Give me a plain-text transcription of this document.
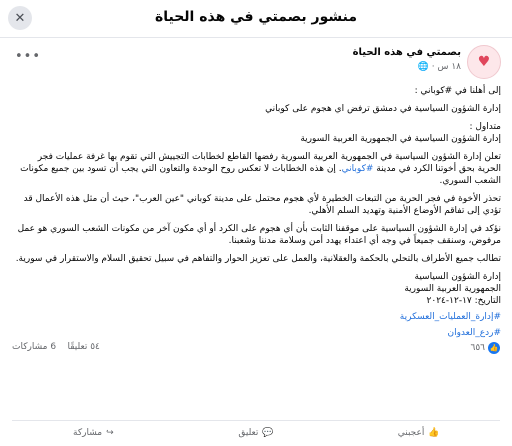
منشور بصمتي في هذه الحياة
✕
♥
بصمتي في هذه الحياة
١٨ س · 🌐
•••

إلى أهلنا في #كوباني :

إدارة الشؤون السياسية في دمشق ترفض اي هجوم على كوباني

متداول :

إدارة الشؤون السياسية في الجمهورية العربية السورية

تعلن إدارة الشؤون السياسية في الجمهورية العربية السورية رفضها القاطع لخطابات التجييش التي تقوم بها غرفة عمليات فجر الحرية بحق أخوتنا الكرد في مدينة #كوباني. إن هذه الخطابات لا تعكس روح الوحدة والتعاون التي يجب أن تسود بين جميع مكونات الشعب السوري.

تحذر الأخوة في فجر الحرية من التبعات الخطيرة لأي هجوم محتمل على مدينة كوباني "عين العرب"، حيث أن مثل هذه الأعمال قد تؤدي إلى تفاقم الأوضاع الأمنية وتهديد السلم الأهلي.

نؤكد في إدارة الشؤون السياسية على موقفنا الثابت بأن أي هجوم على الكرد أو أي مكون آخر من مكونات الشعب السوري هو عمل مرفوض، وسنقف جميعاً في وجه أي اعتداء يهدد أمن وسلامة مدننا وشعبنا.

تطالب جميع الأطراف بالتحلي بالحكمة والعقلانية، والعمل على تعزيز الحوار والتفاهم في سبيل تحقيق السلام والاستقرار في سورية.

إدارة الشؤون السياسية
الجمهورية العربية السورية
التاريخ: ١٧-١٢-٢٠٢٤
#إدارة_العمليات_العسكرية
#ردع_العدوان
👍
٦٥٦
٥٤ تعليقًا    6 مشاركات
👍
أعجبني
💬
تعليق
↪
مشاركة
